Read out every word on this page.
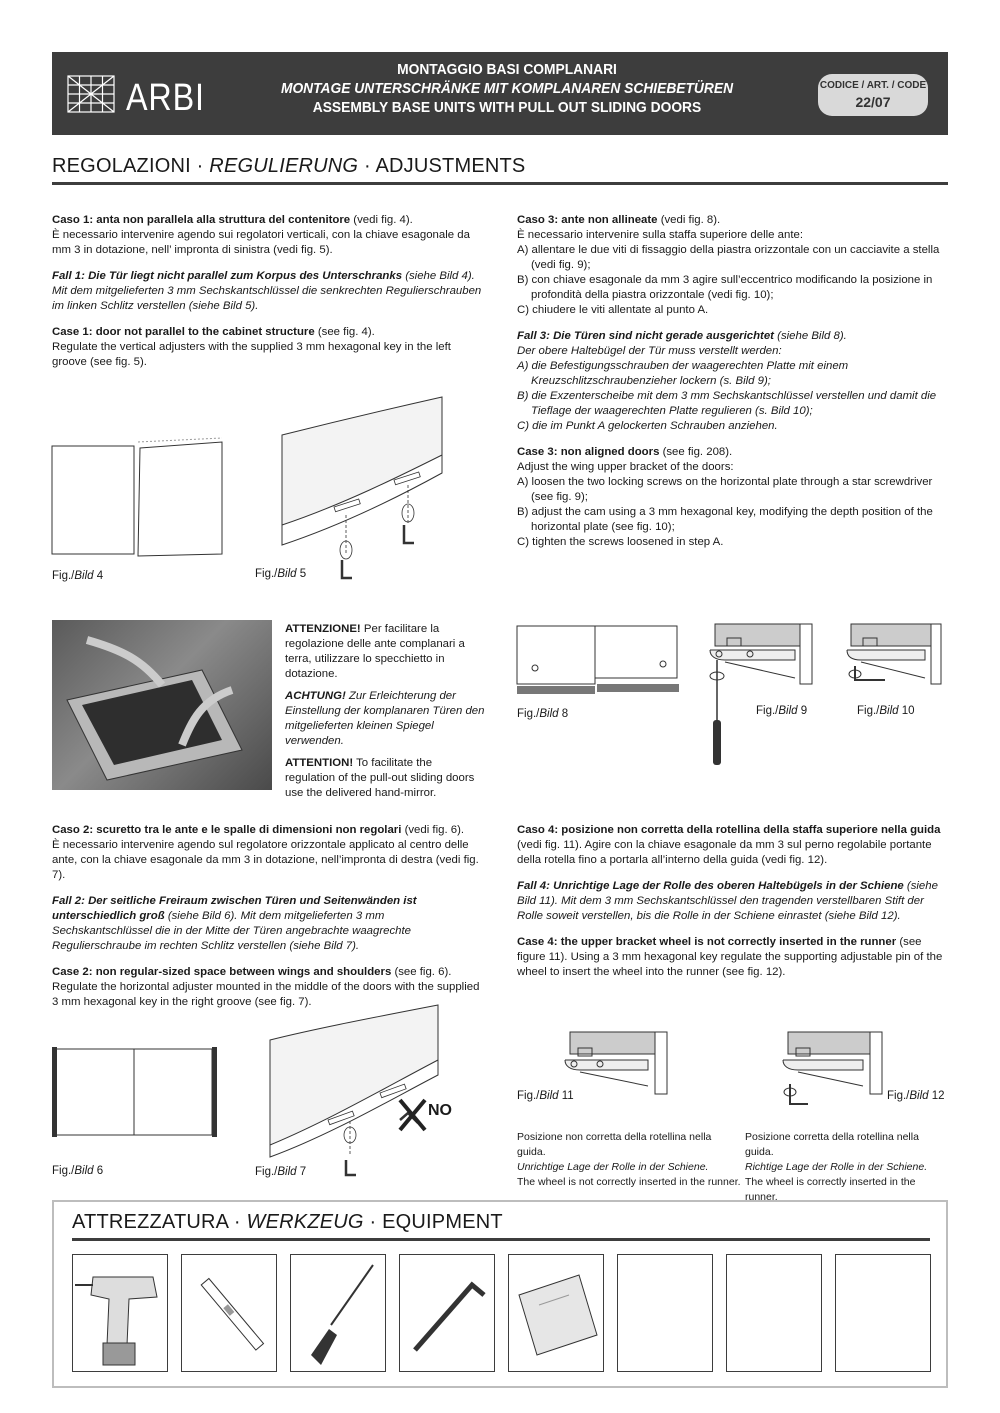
ARBI
MONTAGGIO BASI COMPLANARI
MONTAGE UNTERSCHRÄNKE MIT KOMPLANAREN SCHIEBETÜREN
ASSEMBLY BASE UNITS WITH PULL OUT SLIDING DOORS
CODICE / ART. / CODE
22/07
REGOLAZIONI · REGULIERUNG · ADJUSTMENTS
Caso 1: anta non parallela alla struttura del contenitore (vedi fig. 4).
È necessario intervenire agendo sui regolatori verticali, con la chiave esagonale da mm 3 in dotazione, nell’ impronta di sinistra (vedi fig. 5).
Fall 1: Die Tür liegt nicht parallel zum Korpus des Unterschranks (siehe Bild 4).
Mit dem mitgelieferten 3 mm Sechskantschlüssel die senkrechten Regulierschrauben im linken Schlitz verstellen (siehe Bild 5).
Case 1: door not parallel to the cabinet structure (see fig. 4).
Regulate the vertical adjusters with the supplied 3 mm hexagonal key in the left groove (see fig. 5).
Fig./Bild 4	Fig./Bild 5
ATTENZIONE! Per facilitare la regolazione delle ante complanari a terra, utilizzare lo specchietto in dotazione.
ACHTUNG! Zur Erleichterung der Einstellung der komplanaren Türen den mitgelieferten kleinen Spiegel verwenden.
ATTENTION! To facilitate the regulation of the pull-out sliding doors use the delivered hand-mirror.
Caso 2: scuretto tra le ante e le spalle di dimensioni non regolari (vedi fig. 6).
È necessario intervenire agendo sul regolatore orizzontale applicato al centro delle ante, con la chiave esagonale da mm 3 in dotazione, nell’impronta di destra (vedi fig. 7).
Fall 2: Der seitliche Freiraum zwischen Türen und Seitenwänden ist unterschiedlich groß (siehe Bild 6). Mit dem mitgelieferten 3 mm Sechskantschlüssel die in der Mitte der Türen angebrachte waagrechte Regulierschraube im rechten Schlitz verstellen (siehe Bild 7).
Case 2: non regular-sized space between wings and shoulders (see fig. 6).
Regulate the horizontal adjuster mounted in the middle of the doors with the supplied 3 mm hexagonal key in the right groove (see fig. 7).
Fig./Bild 6
NO
Fig./Bild 7
Caso 3: ante non allineate (vedi fig. 8).
È necessario intervenire sulla staffa superiore delle ante:
A) allentare le due viti di fissaggio della piastra orizzontale con un cacciavite a stella (vedi fig. 9);
B) con chiave esagonale da mm 3 agire sull’eccentrico modificando la posizione in profondità della piastra orizzontale (vedi fig. 10);
C) chiudere le viti allentate al punto A.
Fall 3: Die Türen sind nicht gerade ausgerichtet (siehe Bild 8).
Der obere Haltebügel der Tür muss verstellt werden:
A) die Befestigungsschrauben der waagerechten Platte mit einem Kreuzschlitzschraubenzieher lockern (s. Bild 9);
B) die Exzenterscheibe mit dem 3 mm Sechskantschlüssel verstellen und damit die Tieflage der waagerechten Platte regulieren (s. Bild 10);
C) die im Punkt A gelockerten Schrauben anziehen.
Case 3: non aligned doors (see fig. 208).
Adjust the wing upper bracket of the doors:
A) loosen the two locking screws on the horizontal plate through a star screwdriver (see fig. 9);
B) adjust the cam using a 3 mm hexagonal key, modifying the depth position of the horizontal plate (see fig. 10);
C) tighten the screws loosened in step A.
Fig./Bild 8	Fig./Bild 9	Fig./Bild 10
Caso 4: posizione non corretta della rotellina della staffa superiore nella guida (vedi fig. 11). Agire con la chiave esagonale da mm 3 sul perno regolabile portante della rotella fino a portarla all’interno della guida (vedi fig. 12).
Fall 4: Unrichtige Lage der Rolle des oberen Haltebügels in der Schiene (siehe Bild 11). Mit dem 3 mm Sechskantschlüssel den tragenden verstellbaren Stift der Rolle soweit verstellen, bis die Rolle in der Schiene einrastet (siehe Bild 12).
Case 4: the upper bracket wheel is not correctly inserted in the runner (see figure 11). Using a 3 mm hexagonal key regulate the supporting adjustable pin of the wheel to insert the wheel into the runner (see fig. 12).
Fig./Bild 11	Fig./Bild 12
Posizione non corretta della rotellina nella guida.
Unrichtige Lage der Rolle in der Schiene.
The wheel is not correctly inserted in the runner.
Posizione corretta della rotellina nella guida.
Richtige Lage der Rolle in der Schiene.
The wheel is correctly inserted in the runner.
ATTREZZATURA · WERKZEUG · EQUIPMENT
